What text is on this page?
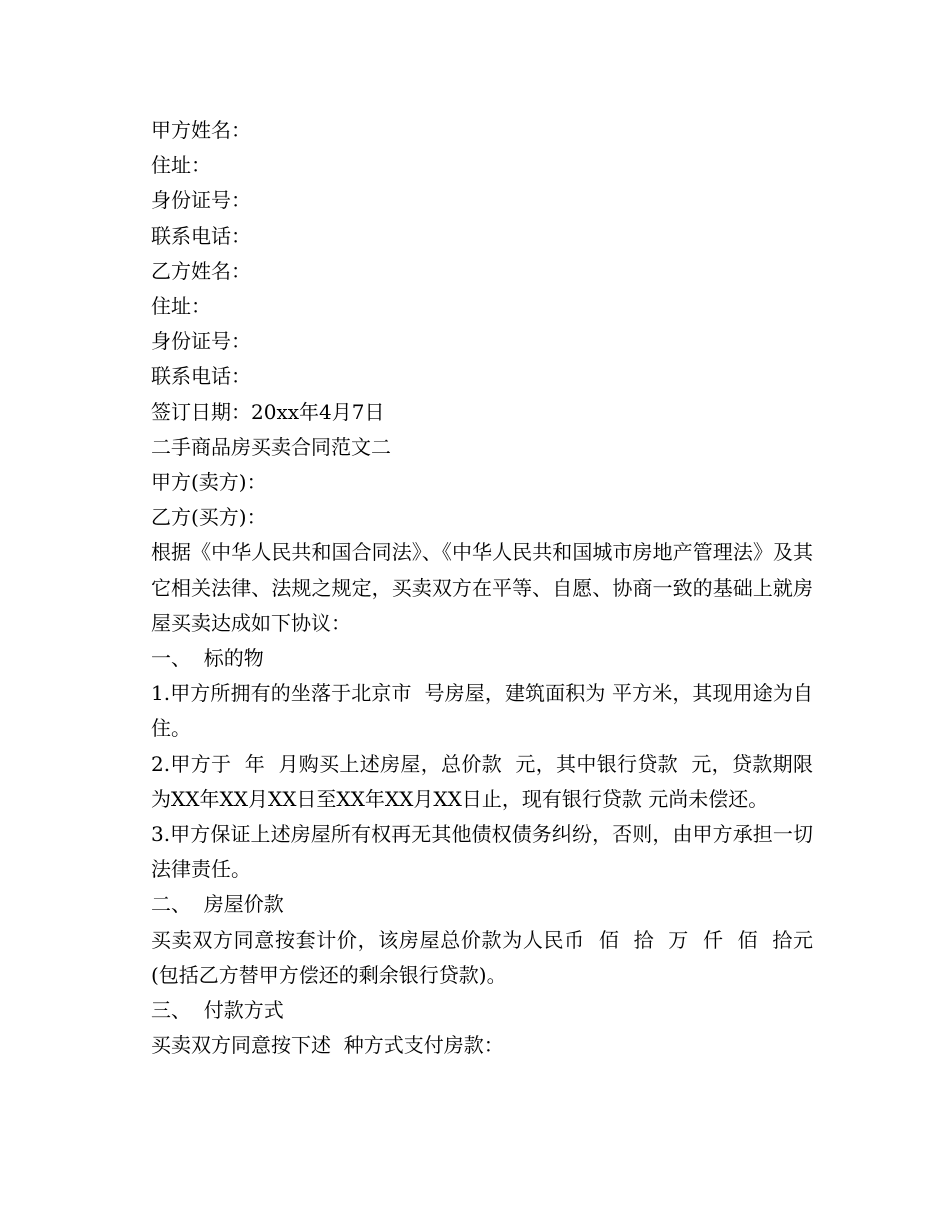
甲方姓名：

住址：

身份证号：

联系电话：

乙方姓名：

住址：

身份证号：

联系电话：

签订日期：20xx年4月7日

二手商品房买卖合同范文二

甲方(卖方)：

乙方(买方)：

根据《中华人民共和国合同法》、《中华人民共和国城市房地产管理法》及其它相关法律、法规之规定，买卖双方在平等、自愿、协商一致的基础上就房屋买卖达成如下协议：

一、  标的物

1.甲方所拥有的坐落于北京市  号房屋，建筑面积为 平方米，其现用途为自住。

2.甲方于  年  月购买上述房屋，总价款  元，其中银行贷款  元，贷款期限为XX年XX月XX日至XX年XX月XX日止，现有银行贷款 元尚未偿还。

3.甲方保证上述房屋所有权再无其他债权债务纠纷，否则，由甲方承担一切法律责任。

二、  房屋价款

买卖双方同意按套计价，该房屋总价款为人民币  佰  拾  万  仟  佰  拾元(包括乙方替甲方偿还的剩余银行贷款)。

三、  付款方式

买卖双方同意按下述  种方式支付房款：
